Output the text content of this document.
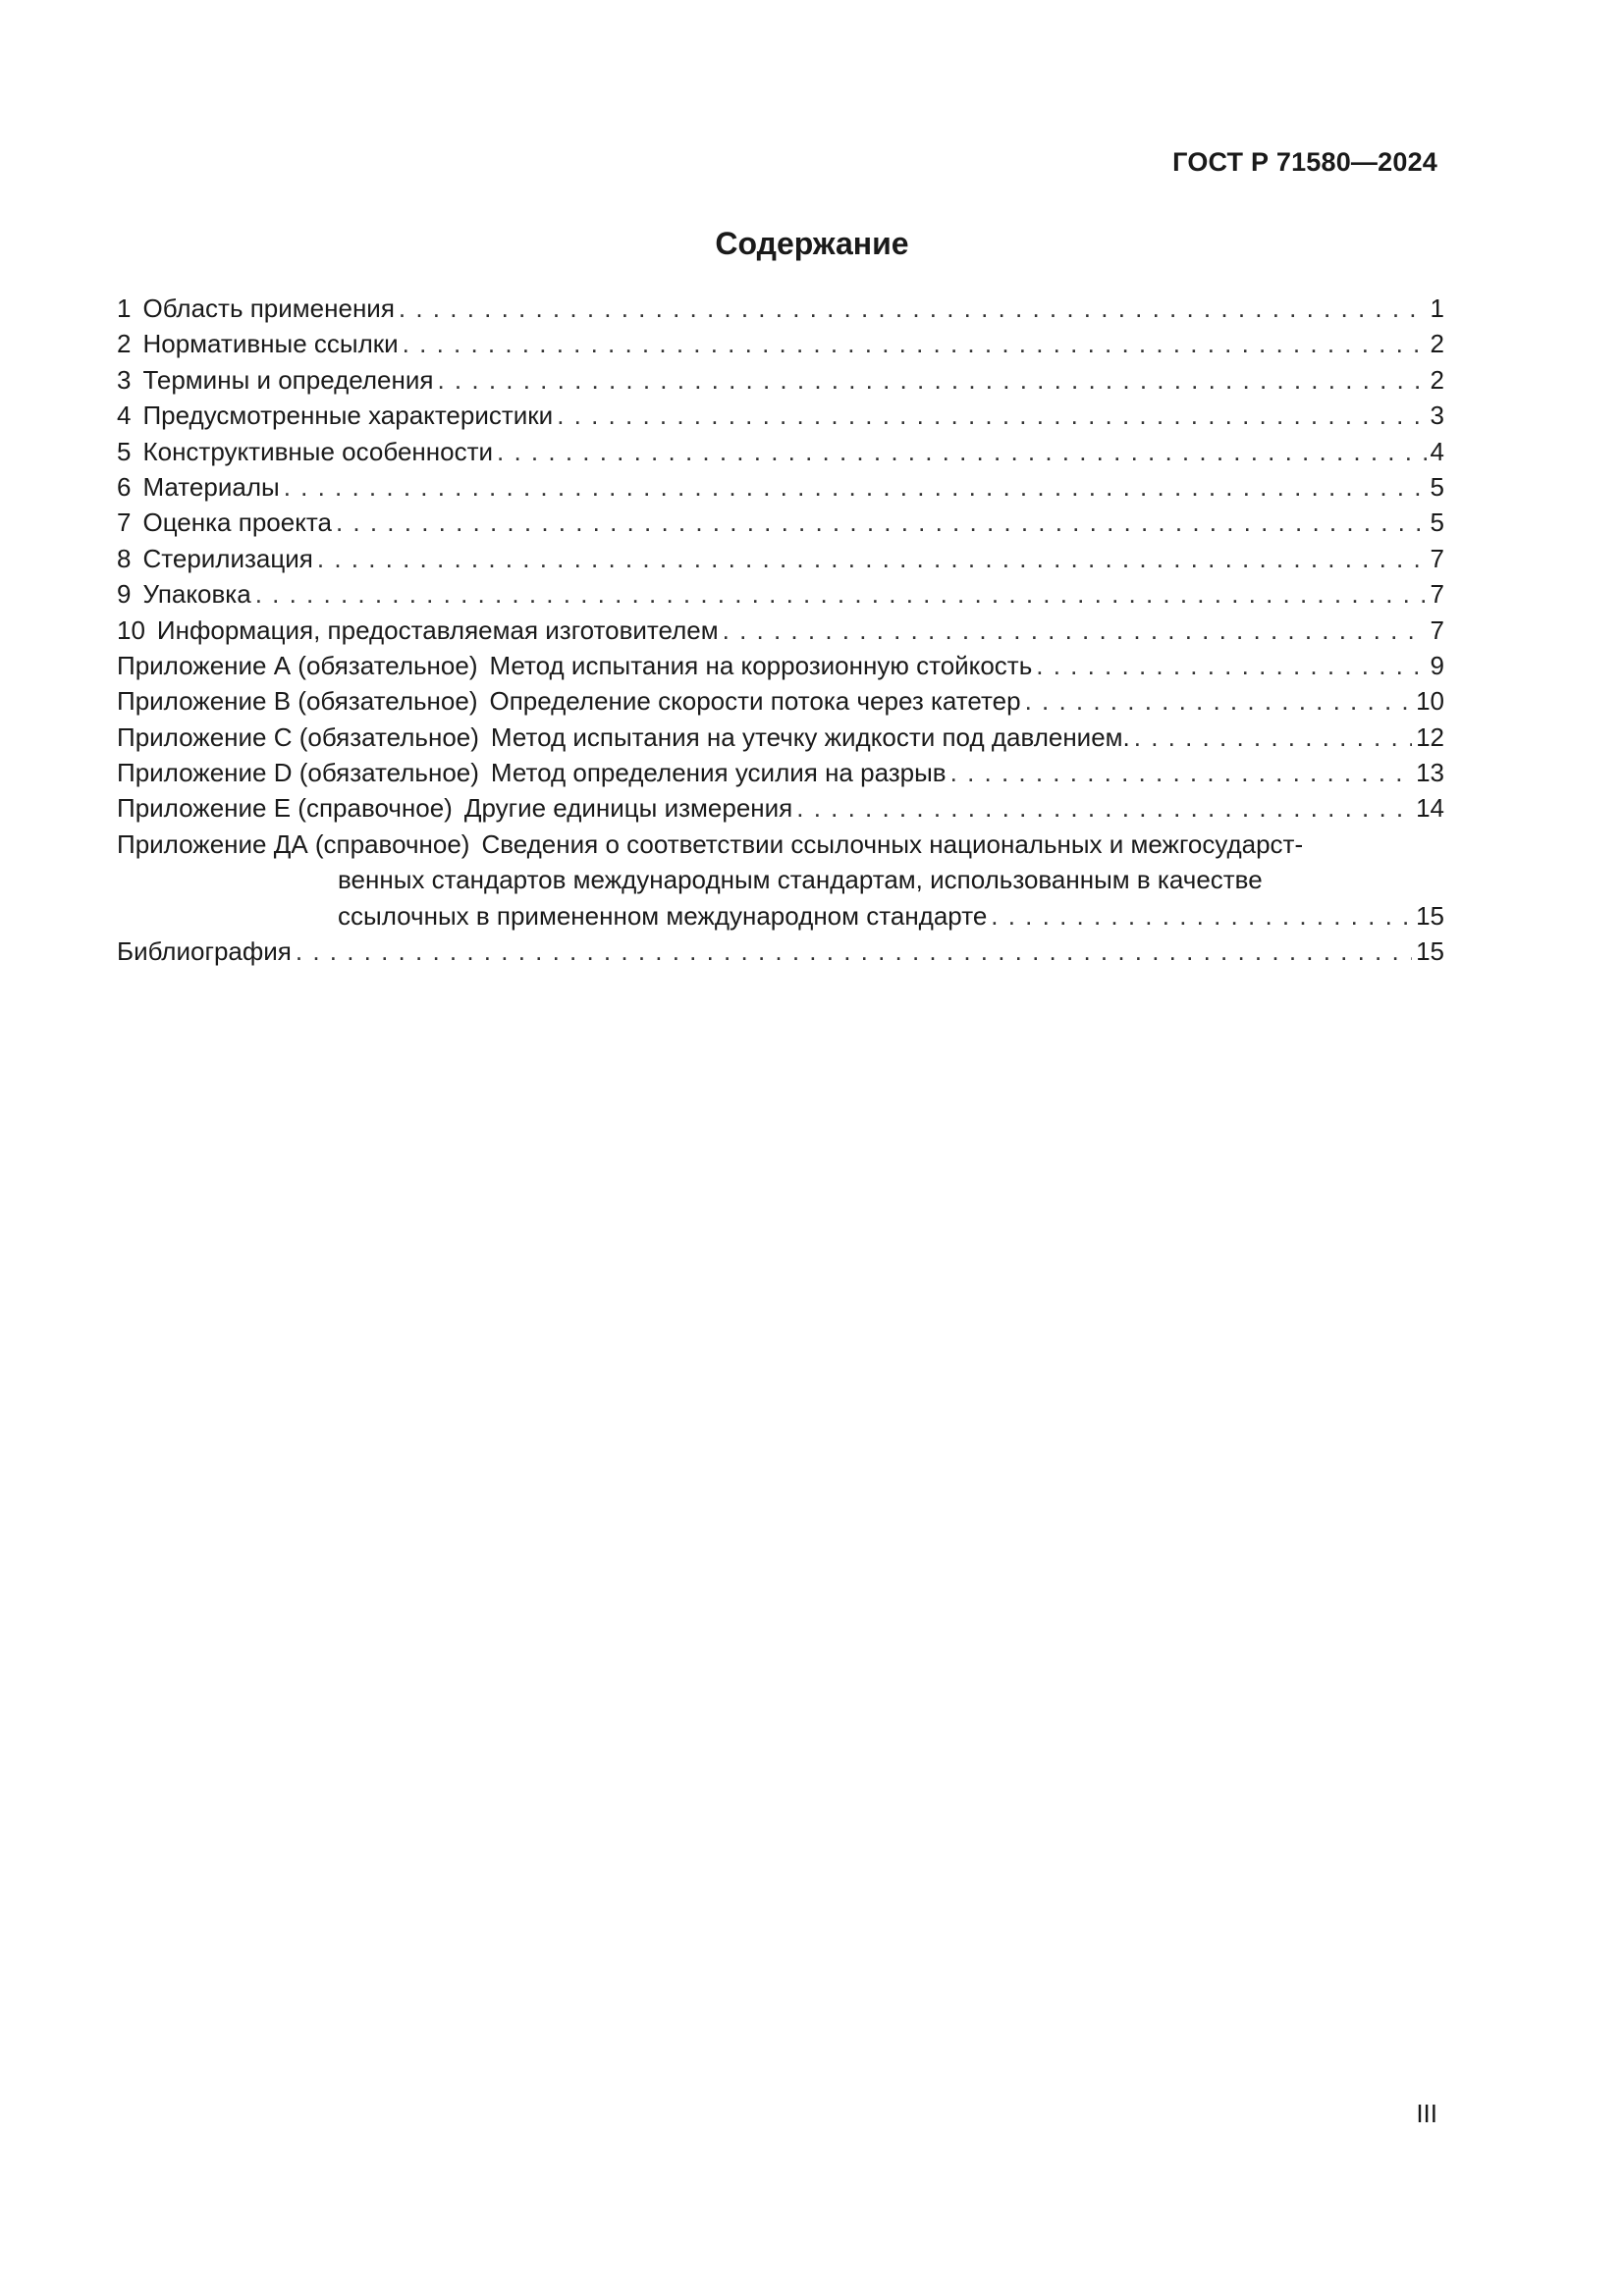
ГОСТ Р 71580—2024
Содержание
1 Область применения . . .	1
2 Нормативные ссылки . . .	2
3 Термины и определения . . .	2
4 Предусмотренные характеристики . . .	3
5 Конструктивные особенности . . .	4
6 Материалы . . .	5
7 Оценка проекта . . .	5
8 Стерилизация . . .	7
9 Упаковка . . .	7
10 Информация, предоставляемая изготовителем . . .	7
Приложение А (обязательное) Метод испытания на коррозионную стойкость . . .	9
Приложение В (обязательное) Определение скорости потока через катетер . . .	10
Приложение С (обязательное) Метод испытания на утечку жидкости под давлением. . . .	12
Приложение D (обязательное) Метод определения усилия на разрыв . . .	13
Приложение Е (справочное) Другие единицы измерения . . .	14
Приложение ДА (справочное) Сведения о соответствии ссылочных национальных и межгосударст-
венных стандартов международным стандартам, использованным в качестве
ссылочных в примененном международном стандарте . . .	15
Библиография . . .	15
III
